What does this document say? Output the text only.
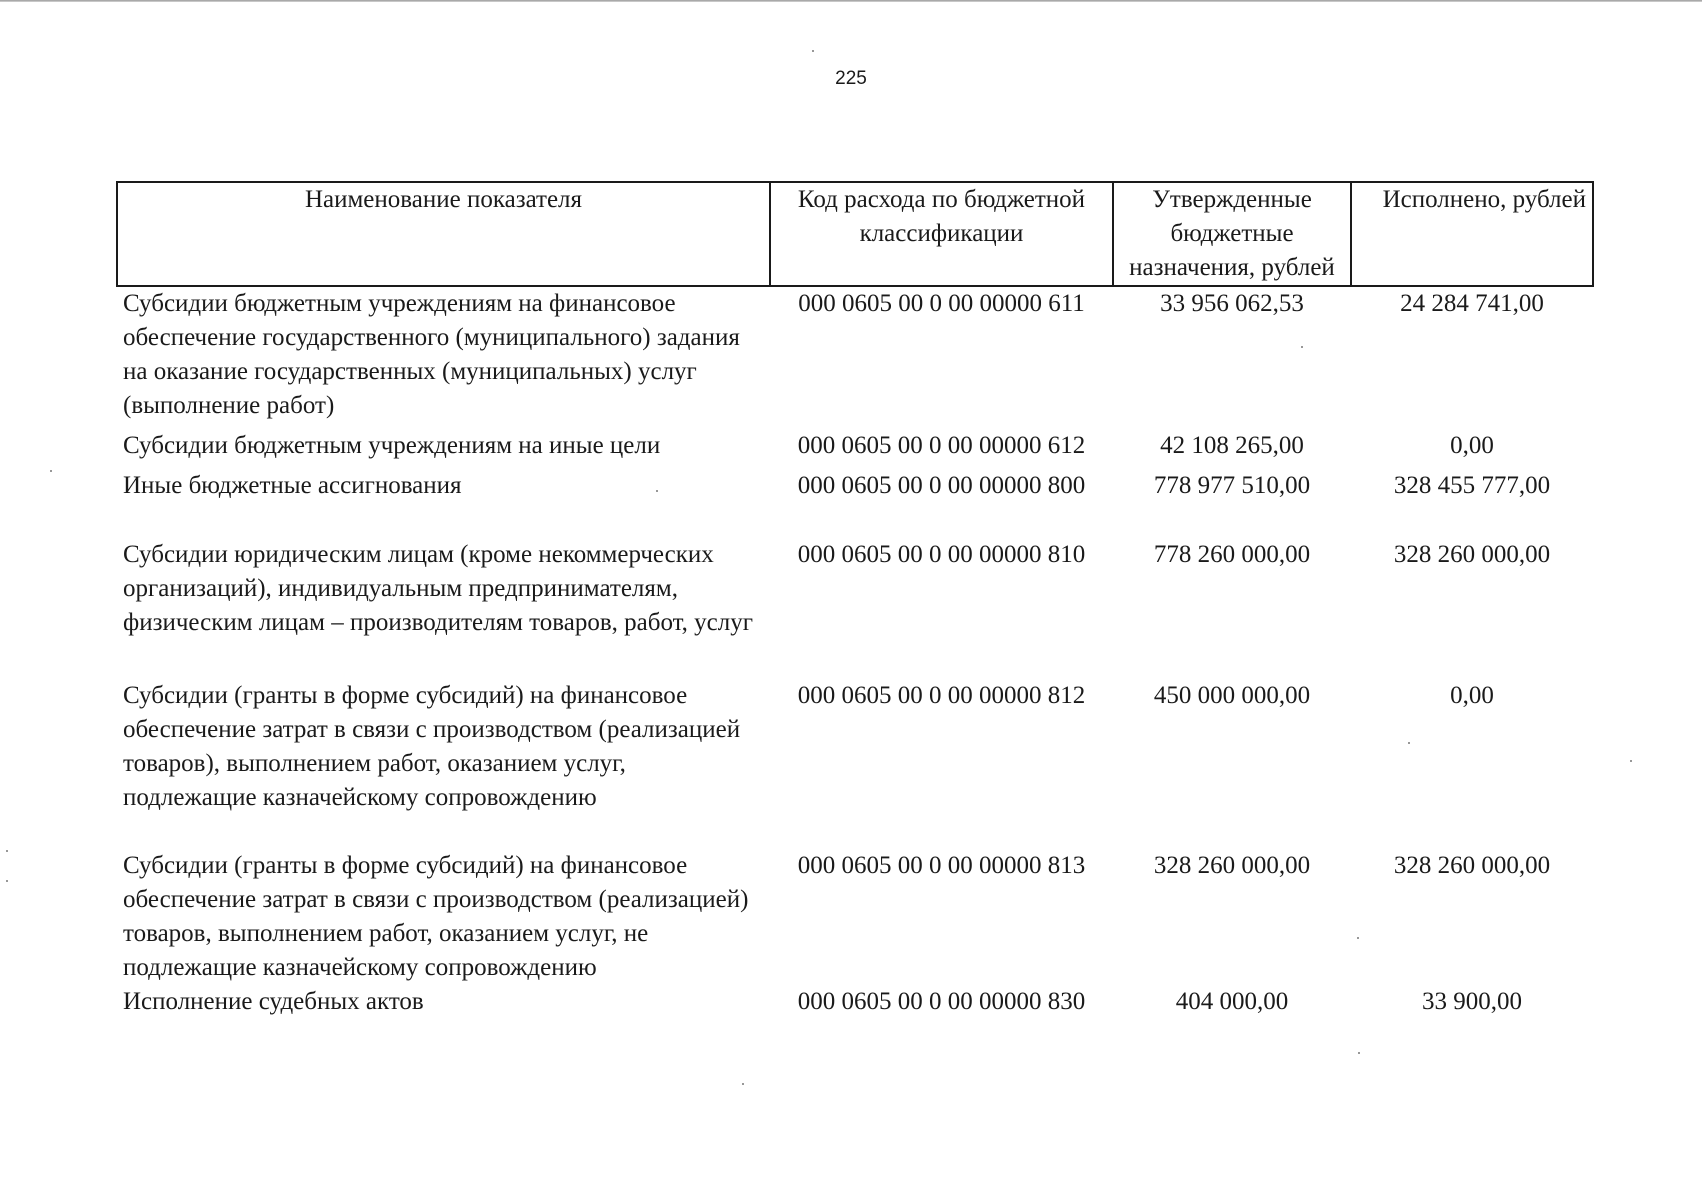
225
Наименование показателя	Код расхода по бюджетной классификации	Утвержденные бюджетные назначения, рублей	Исполнено, рублей
Субсидии бюджетным учреждениям на финансовое обеспечение государственного (муниципального) задания на оказание государственных (муниципальных) услуг (выполнение работ)	000 0605 00 0 00 00000 611	33 956 062,53	24 284 741,00
Субсидии бюджетным учреждениям на иные цели	000 0605 00 0 00 00000 612	42 108 265,00	0,00
Иные бюджетные ассигнования	000 0605 00 0 00 00000 800	778 977 510,00	328 455 777,00
Субсидии юридическим лицам (кроме некоммерческих организаций), индивидуальным предпринимателям, физическим лицам – производителям товаров, работ, услуг	000 0605 00 0 00 00000 810	778 260 000,00	328 260 000,00
Субсидии (гранты в форме субсидий) на финансовое обеспечение затрат в связи с производством (реализацией товаров), выполнением работ, оказанием услуг, подлежащие казначейскому сопровождению	000 0605 00 0 00 00000 812	450 000 000,00	0,00
Субсидии (гранты в форме субсидий) на финансовое обеспечение затрат в связи с производством (реализацией) товаров, выполнением работ, оказанием услуг, не подлежащие казначейскому сопровождению	000 0605 00 0 00 00000 813	328 260 000,00	328 260 000,00
Исполнение судебных актов	000 0605 00 0 00 00000 830	404 000,00	33 900,00
